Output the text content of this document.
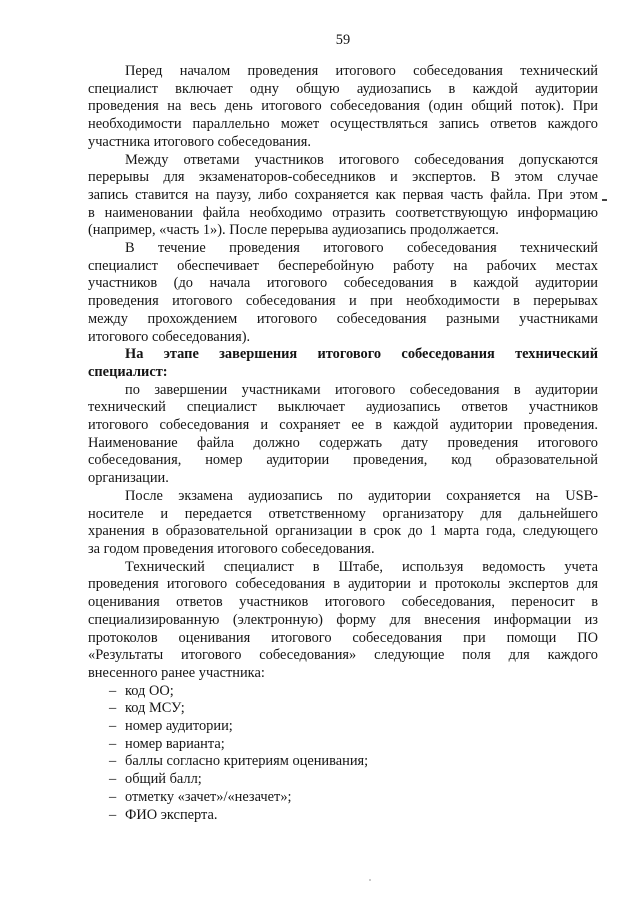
59
Перед началом проведения итогового собеседования технический
специалист включает одну общую аудиозапись в каждой аудитории
проведения на весь день итогового собеседования (один общий поток). При
необходимости параллельно может осуществляться запись ответов каждого
участника итогового собеседования.
Между ответами участников итогового собеседования допускаются
перерывы для экзаменаторов-собеседников и экспертов. В этом случае
запись ставится на паузу, либо сохраняется как первая часть файла. При этом
в наименовании файла необходимо отразить соответствующую информацию
(например, «часть 1»). После перерыва аудиозапись продолжается.
В течение проведения итогового собеседования технический
специалист обеспечивает бесперебойную работу на рабочих местах
участников (до начала итогового собеседования в каждой аудитории
проведения итогового собеседования и при необходимости в перерывах
между прохождением итогового собеседования разными участниками
итогового собеседования).
На этапе завершения итогового собеседования технический
специалист:
по завершении участниками итогового собеседования в аудитории
технический специалист выключает аудиозапись ответов участников
итогового собеседования и сохраняет ее в каждой аудитории проведения.
Наименование файла должно содержать дату проведения итогового
собеседования, номер аудитории проведения, код образовательной
организации.
После экзамена аудиозапись по аудитории сохраняется на USB-
носителе и передается ответственному организатору для дальнейшего
хранения в образовательной организации в срок до 1 марта года, следующего
за годом проведения итогового собеседования.
Технический специалист в Штабе, используя ведомость учета
проведения итогового собеседования в аудитории и протоколы экспертов для
оценивания ответов участников итогового собеседования, переносит в
специализированную (электронную) форму для внесения информации из
протоколов оценивания итогового собеседования при помощи ПО
«Результаты итогового собеседования» следующие поля для каждого
внесенного ранее участника:
– код ОО;
– код МСУ;
– номер аудитории;
– номер варианта;
– баллы согласно критериям оценивания;
– общий балл;
– отметку «зачет»/«незачет»;
– ФИО эксперта.
